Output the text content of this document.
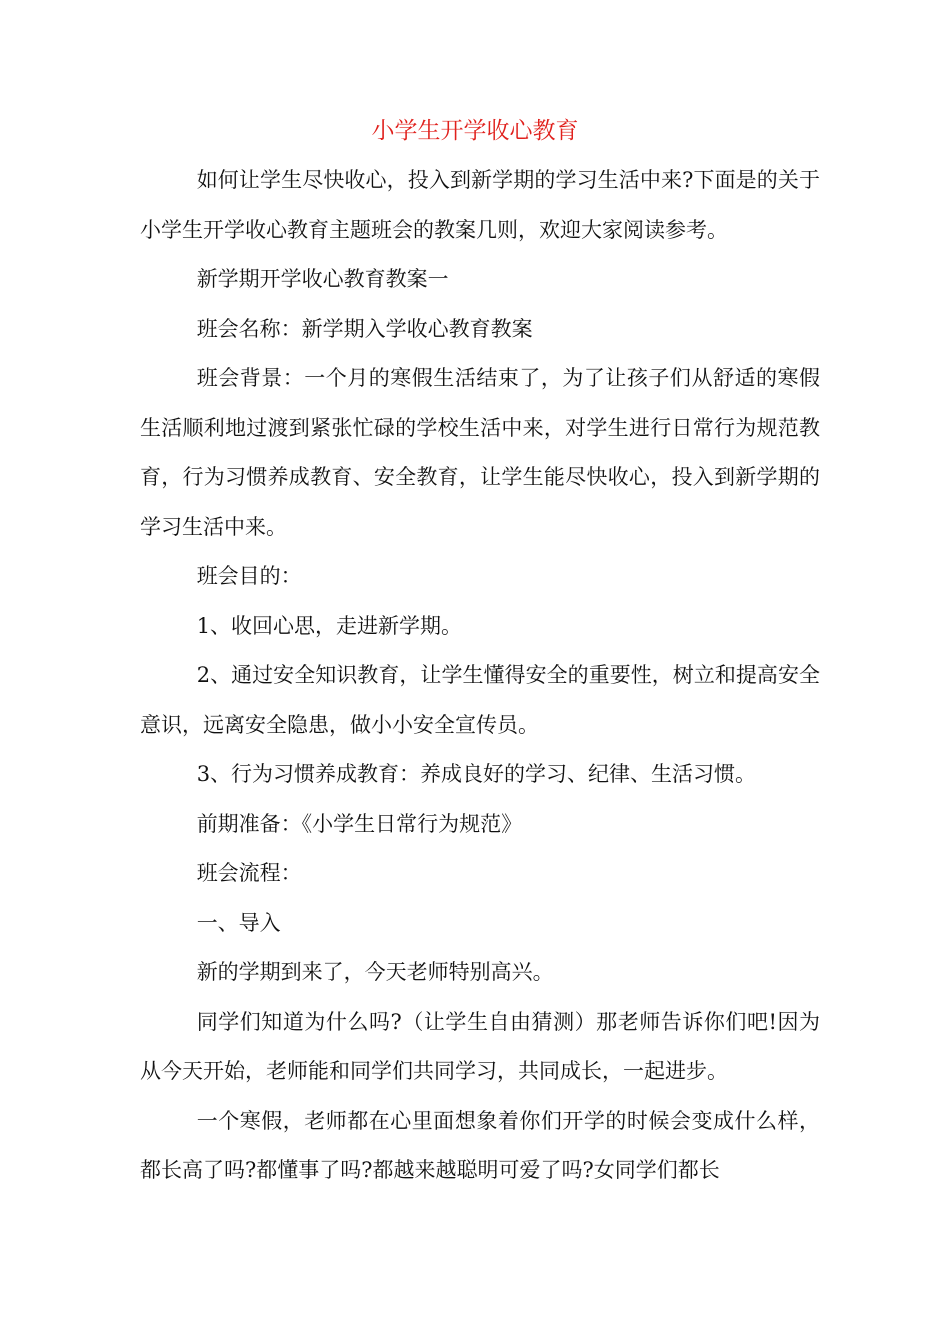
小学生开学收心教育

如何让学生尽快收心，投入到新学期的学习生活中来?下面是的关于小学生开学收心教育主题班会的教案几则，欢迎大家阅读参考。

新学期开学收心教育教案一

班会名称：新学期入学收心教育教案

班会背景：一个月的寒假生活结束了，为了让孩子们从舒适的寒假生活顺利地过渡到紧张忙碌的学校生活中来，对学生进行日常行为规范教育，行为习惯养成教育、安全教育，让学生能尽快收心，投入到新学期的学习生活中来。

班会目的：

1、收回心思，走进新学期。

2、通过安全知识教育，让学生懂得安全的重要性，树立和提高安全意识，远离安全隐患，做小小安全宣传员。

3、行为习惯养成教育：养成良好的学习、纪律、生活习惯。

前期准备：《小学生日常行为规范》

班会流程：

一、导入

新的学期到来了，今天老师特别高兴。

同学们知道为什么吗?（让学生自由猜测）那老师告诉你们吧!因为从今天开始，老师能和同学们共同学习，共同成长，一起进步。

一个寒假，老师都在心里面想象着你们开学的时候会变成什么样，都长高了吗?都懂事了吗?都越来越聪明可爱了吗?女同学们都长
